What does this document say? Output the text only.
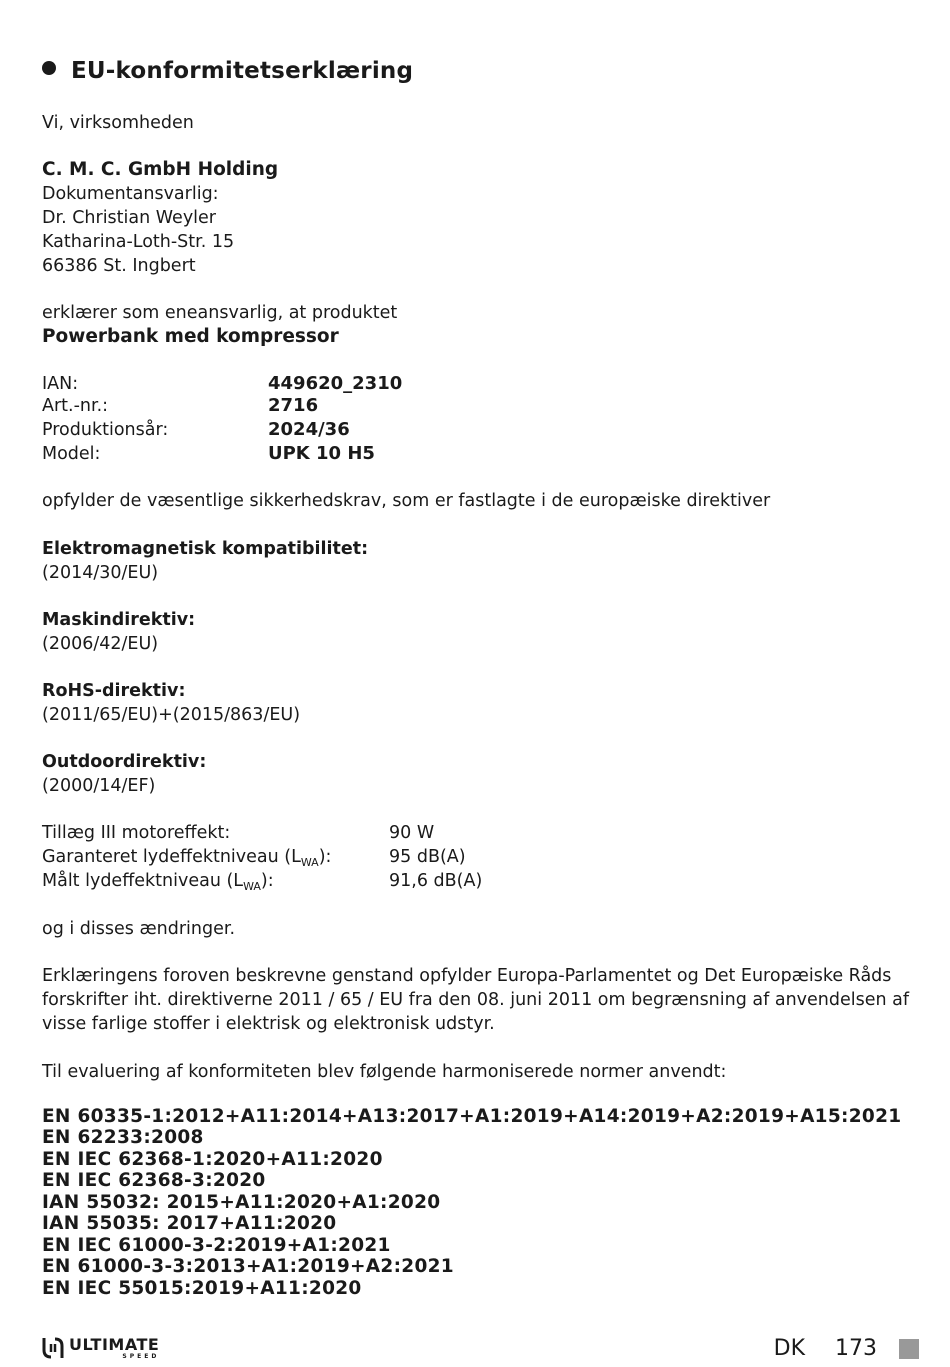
EU-konformitetserklæring
Vi, virksomheden
C. M. C. GmbH Holding
Dokumentansvarlig:
Dr. Christian Weyler
Katharina-Loth-Str. 15
66386 St. Ingbert
erklærer som eneansvarlig, at produktet
Powerbank med kompressor
IAN:	449620_2310
Art.-nr.:	2716
Produktionsår:	2024/36
Model:	UPK 10 H5
opfylder de væsentlige sikkerhedskrav, som er fastlagte i de europæiske direktiver
Elektromagnetisk kompatibilitet:
(2014/30/EU)
Maskindirektiv:
(2006/42/EU)
RoHS-direktiv:
(2011/65/EU)+(2015/863/EU)
Outdoordirektiv:
(2000/14/EF)
Tillæg III motoreffekt:	90 W
Garanteret lydeffektniveau $(L_{WA})$:	95 dB(A)
Målt lydeffektniveau $(L_{WA})$:	91,6 dB(A)
og i disses ændringer.
Erklæringens foroven beskrevne genstand opfylder Europa-Parlamentet og Det Europæiske Råds forskrifter iht. direktiverne 2011 / 65 / EU fra den 08. juni 2011 om begrænsning af anvendelsen af visse farlige stoffer i elektrisk og elektronisk udstyr.
Til evaluering af konformiteten blev følgende harmoniserede normer anvendt:
EN 60335-1:2012+A11:2014+A13:2017+A1:2019+A14:2019+A2:2019+A15:2021
EN 62233:2008
EN IEC 62368-1:2020+A11:2020
EN IEC 62368-3:2020
IAN 55032: 2015+A11:2020+A1:2020
IAN 55035: 2017+A11:2020
EN IEC 61000-3-2:2019+A1:2021
EN 61000-3-3:2013+A1:2019+A2:2021
EN IEC 55015:2019+A11:2020
ULTIMATE
SPEED	DK 173
